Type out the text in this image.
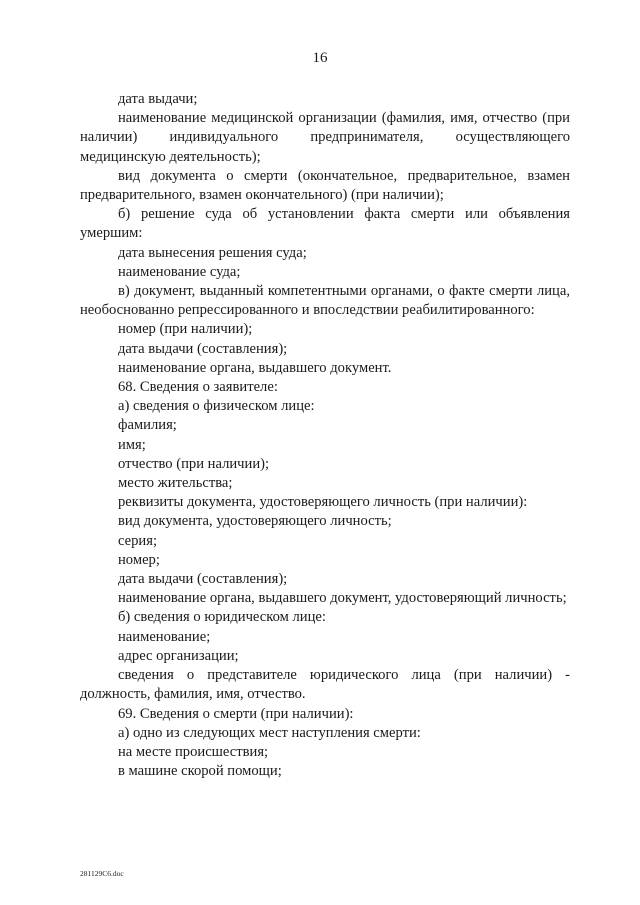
16

дата выдачи;

наименование медицинской организации (фамилия, имя, отчество (при наличии) индивидуального предпринимателя, осуществляющего медицинскую деятельность);

вид документа о смерти (окончательное, предварительное, взамен предварительного, взамен окончательного) (при наличии);

б) решение суда об установлении факта смерти или объявления умершим:

дата вынесения решения суда;

наименование суда;

в) документ, выданный компетентными органами, о факте смерти лица, необоснованно репрессированного и впоследствии реабилитированного:

номер (при наличии);

дата выдачи (составления);

наименование органа, выдавшего документ.

68. Сведения о заявителе:

а) сведения о физическом лице:

фамилия;

имя;

отчество (при наличии);

место жительства;

реквизиты документа, удостоверяющего личность (при наличии):

вид документа, удостоверяющего личность;

серия;

номер;

дата выдачи (составления);

наименование органа, выдавшего документ, удостоверяющий личность;

б) сведения о юридическом лице:

наименование;

адрес организации;

сведения о представителе юридического лица (при наличии) - должность, фамилия, имя, отчество.

69. Сведения о смерти (при наличии):

а) одно из следующих мест наступления смерти:

на месте происшествия;

в машине скорой помощи;

281129C6.doc
